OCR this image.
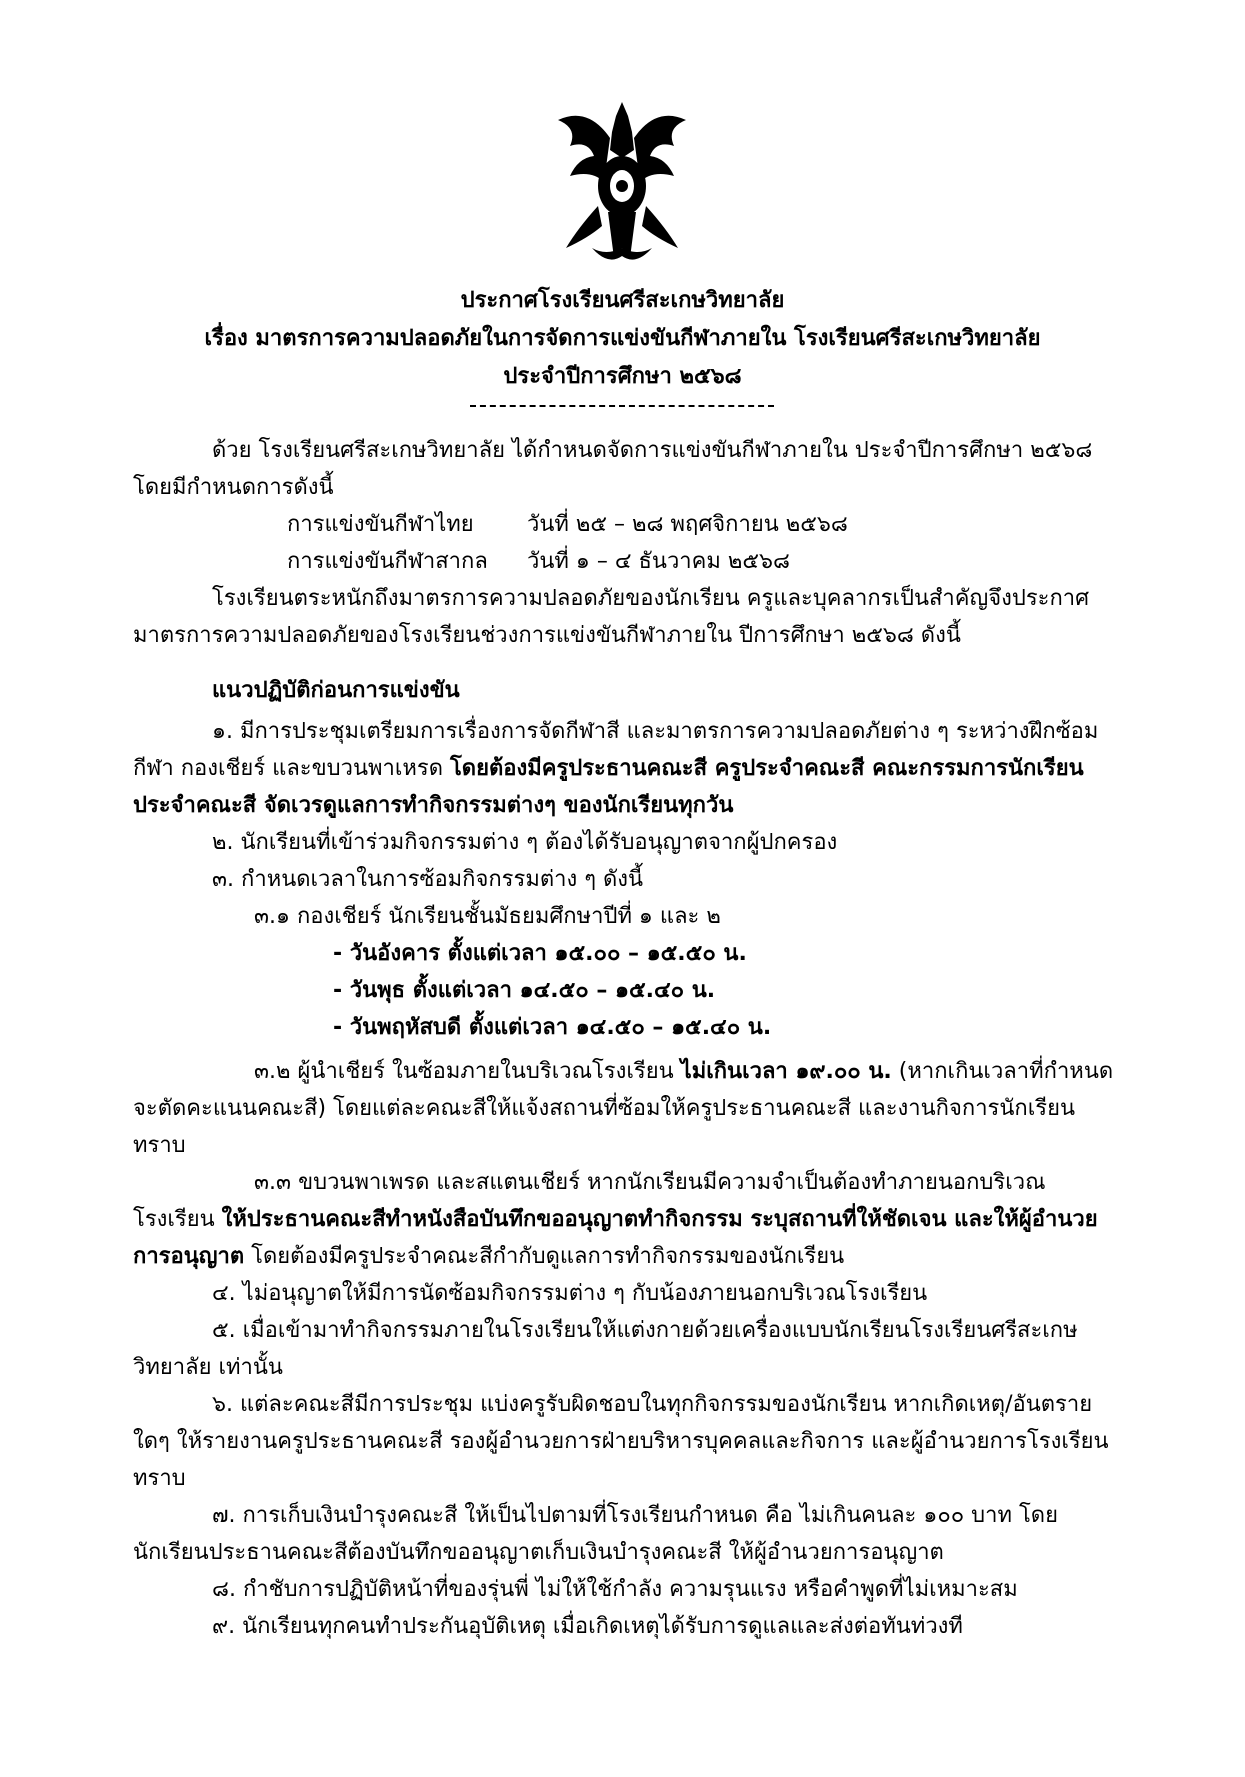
ประกาศโรงเรียนศรีสะเกษวิทยาลัย
เรื่อง มาตรการความปลอดภัยในการจัดการแข่งขันกีฬาภายใน โรงเรียนศรีสะเกษวิทยาลัย
ประจำปีการศึกษา ๒๕๖๘

ด้วย โรงเรียนศรีสะเกษวิทยาลัย ได้กำหนดจัดการแข่งขันกีฬาภายใน ประจำปีการศึกษา ๒๕๖๘ โดยมีกำหนดการดังนี้

การแข่งขันกีฬาไทย	วันที่ ๒๕ – ๒๘ พฤศจิกายน ๒๕๖๘
การแข่งขันกีฬาสากล	วันที่ ๑ – ๔ ธันวาคม ๒๕๖๘

โรงเรียนตระหนักถึงมาตรการความปลอดภัยของนักเรียน ครูและบุคลากรเป็นสำคัญจึงประกาศมาตรการความปลอดภัยของโรงเรียนช่วงการแข่งขันกีฬาภายใน ปีการศึกษา ๒๕๖๘ ดังนี้

แนวปฏิบัติก่อนการแข่งขัน

๑. มีการประชุมเตรียมการเรื่องการจัดกีฬาสี และมาตรการความปลอดภัยต่าง ๆ ระหว่างฝึกซ้อมกีฬา กองเชียร์ และขบวนพาเหรด โดยต้องมีครูประธานคณะสี ครูประจำคณะสี คณะกรรมการนักเรียนประจำคณะสี จัดเวรดูแลการทำกิจกรรมต่างๆ ของนักเรียนทุกวัน

๒. นักเรียนที่เข้าร่วมกิจกรรมต่าง ๆ ต้องได้รับอนุญาตจากผู้ปกครอง
๓. กำหนดเวลาในการซ้อมกิจกรรมต่าง ๆ ดังนี้
๓.๑ กองเชียร์ นักเรียนชั้นมัธยมศึกษาปีที่ ๑ และ ๒
- วันอังคาร ตั้งแต่เวลา ๑๕.๐๐ – ๑๕.๕๐ น.
- วันพุธ ตั้งแต่เวลา ๑๔.๕๐ – ๑๕.๔๐ น.
- วันพฤหัสบดี ตั้งแต่เวลา ๑๔.๕๐ – ๑๕.๔๐ น.

๓.๒ ผู้นำเชียร์ ในซ้อมภายในบริเวณโรงเรียน ไม่เกินเวลา ๑๙.๐๐ น. (หากเกินเวลาที่กำหนดจะตัดคะแนนคณะสี) โดยแต่ละคณะสีให้แจ้งสถานที่ซ้อมให้ครูประธานคณะสี และงานกิจการนักเรียน ทราบ

๓.๓ ขบวนพาเพรด และสแตนเชียร์ หากนักเรียนมีความจำเป็นต้องทำภายนอกบริเวณโรงเรียน ให้ประธานคณะสีทำหนังสือบันทึกขออนุญาตทำกิจกรรม ระบุสถานที่ให้ชัดเจน และให้ผู้อำนวยการอนุญาต โดยต้องมีครูประจำคณะสีกำกับดูแลการทำกิจกรรมของนักเรียน

๔. ไม่อนุญาตให้มีการนัดซ้อมกิจกรรมต่าง ๆ กับน้องภายนอกบริเวณโรงเรียน

๕. เมื่อเข้ามาทำกิจกรรมภายในโรงเรียนให้แต่งกายด้วยเครื่องแบบนักเรียนโรงเรียนศรีสะเกษวิทยาลัย เท่านั้น

๖. แต่ละคณะสีมีการประชุม แบ่งครูรับผิดชอบในทุกกิจกรรมของนักเรียน หากเกิดเหตุ/อันตรายใดๆ ให้รายงานครูประธานคณะสี รองผู้อำนวยการฝ่ายบริหารบุคคลและกิจการ และผู้อำนวยการโรงเรียนทราบ

๗. การเก็บเงินบำรุงคณะสี ให้เป็นไปตามที่โรงเรียนกำหนด คือ ไม่เกินคนละ ๑๐๐ บาท โดยนักเรียนประธานคณะสีต้องบันทึกขออนุญาตเก็บเงินบำรุงคณะสี ให้ผู้อำนวยการอนุญาต

๘. กำชับการปฏิบัติหน้าที่ของรุ่นพี่ ไม่ให้ใช้กำลัง ความรุนแรง หรือคำพูดที่ไม่เหมาะสม
๙. นักเรียนทุกคนทำประกันอุบัติเหตุ เมื่อเกิดเหตุได้รับการดูแลและส่งต่อทันท่วงที
